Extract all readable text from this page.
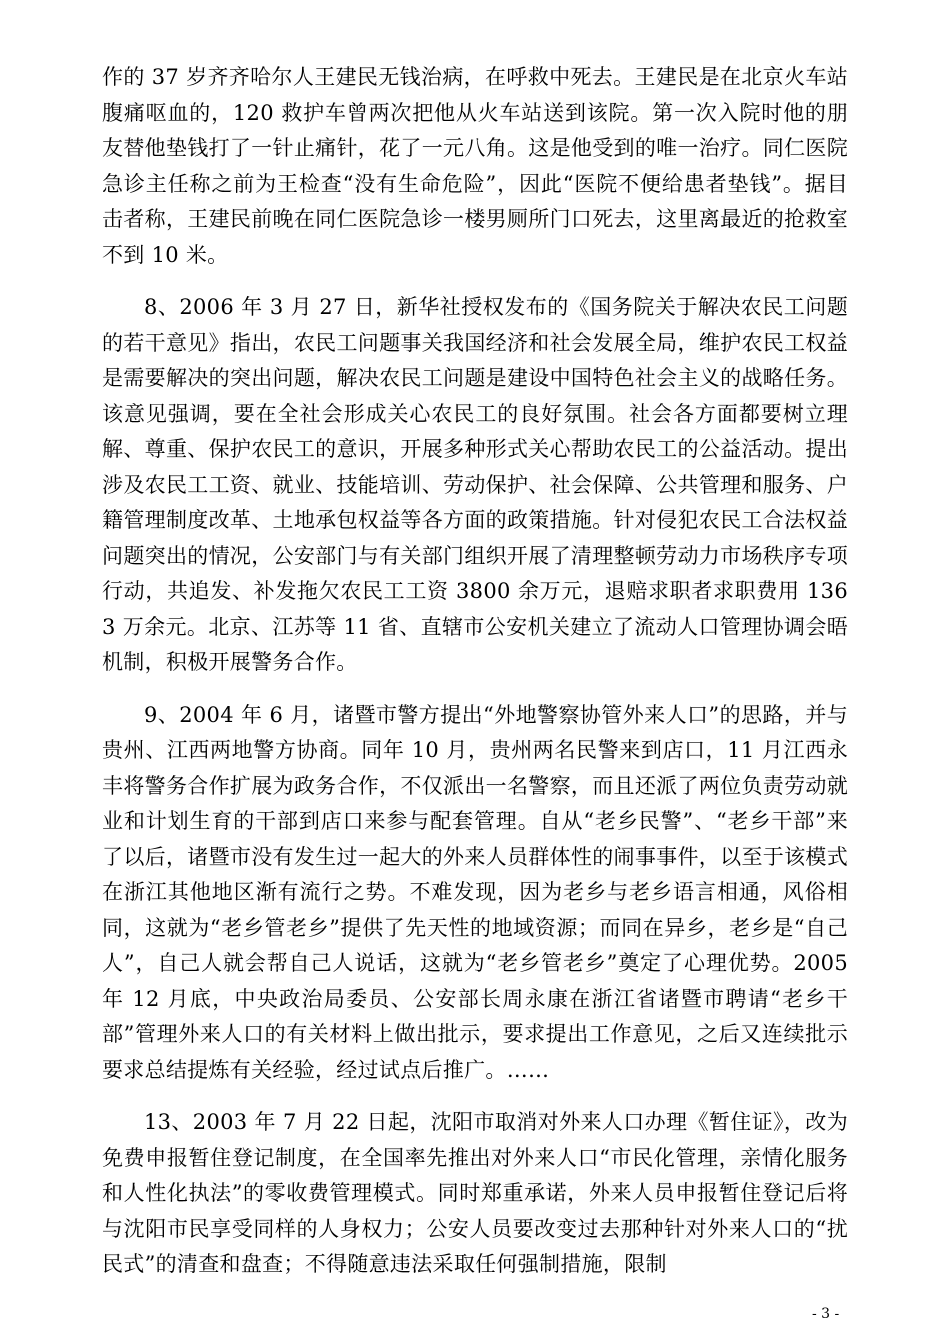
作的 37 岁齐齐哈尔人王建民无钱治病，在呼救中死去。王建民是在北京火车站腹痛呕血的，120 救护车曾两次把他从火车站送到该院。第一次入院时他的朋友替他垫钱打了一针止痛针，花了一元八角。这是他受到的唯一治疗。同仁医院急诊主任称之前为王检查“没有生命危险”，因此“医院不便给患者垫钱”。据目击者称，王建民前晚在同仁医院急诊一楼男厕所门口死去，这里离最近的抢救室不到 10 米。

8、2006 年 3 月 27 日，新华社授权发布的《国务院关于解决农民工问题的若干意见》指出，农民工问题事关我国经济和社会发展全局，维护农民工权益是需要解决的突出问题，解决农民工问题是建设中国特色社会主义的战略任务。该意见强调，要在全社会形成关心农民工的良好氛围。社会各方面都要树立理解、尊重、保护农民工的意识，开展多种形式关心帮助农民工的公益活动。提出涉及农民工工资、就业、技能培训、劳动保护、社会保障、公共管理和服务、户籍管理制度改革、土地承包权益等各方面的政策措施。针对侵犯农民工合法权益问题突出的情况，公安部门与有关部门组织开展了清理整顿劳动力市场秩序专项行动，共追发、补发拖欠农民工工资 3800 余万元，退赔求职者求职费用 1363 万余元。北京、江苏等 11 省、直辖市公安机关建立了流动人口管理协调会晤机制，积极开展警务合作。

9、2004 年 6 月，诸暨市警方提出“外地警察协管外来人口”的思路，并与贵州、江西两地警方协商。同年 10 月，贵州两名民警来到店口，11 月江西永丰将警务合作扩展为政务合作，不仅派出一名警察，而且还派了两位负责劳动就业和计划生育的干部到店口来参与配套管理。自从“老乡民警”、“老乡干部”来了以后，诸暨市没有发生过一起大的外来人员群体性的闹事事件，以至于该模式在浙江其他地区渐有流行之势。不难发现，因为老乡与老乡语言相通，风俗相同，这就为“老乡管老乡”提供了先天性的地域资源；而同在异乡，老乡是“自己人”，自己人就会帮自己人说话，这就为“老乡管老乡”奠定了心理优势。2005 年 12 月底，中央政治局委员、公安部长周永康在浙江省诸暨市聘请“老乡干部”管理外来人口的有关材料上做出批示，要求提出工作意见，之后又连续批示要求总结提炼有关经验，经过试点后推广。……

13、2003 年 7 月 22 日起，沈阳市取消对外来人口办理《暂住证》，改为免费申报暂住登记制度，在全国率先推出对外来人口“市民化管理，亲情化服务和人性化执法”的零收费管理模式。同时郑重承诺，外来人员申报暂住登记后将与沈阳市民享受同样的人身权力；公安人员要改变过去那种针对外来人口的“扰民式”的清查和盘查；不得随意违法采取任何强制措施，限制

- 3 -
